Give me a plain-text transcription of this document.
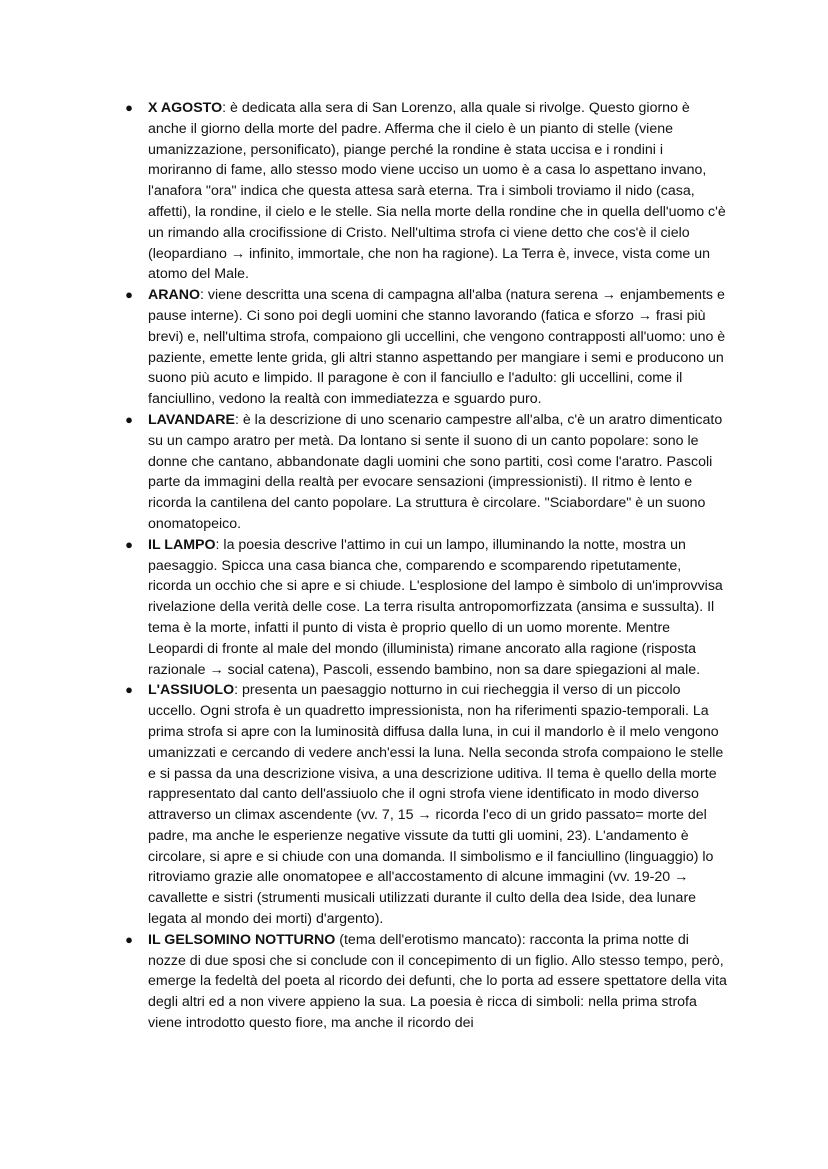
● X AGOSTO: è dedicata alla sera di San Lorenzo, alla quale si rivolge. Questo giorno è anche il giorno della morte del padre. Afferma che il cielo è un pianto di stelle (viene umanizzazione, personificato), piange perché la rondine è stata uccisa e i rondini i moriranno di fame, allo stesso modo viene ucciso un uomo è a casa lo aspettano invano, l'anafora "ora" indica che questa attesa sarà eterna. Tra i simboli troviamo il nido (casa, affetti), la rondine, il cielo e le stelle. Sia nella morte della rondine che in quella dell'uomo c'è un rimando alla crocifissione di Cristo. Nell'ultima strofa ci viene detto che cos'è il cielo (leopardiano → infinito, immortale, che non ha ragione). La Terra è, invece, vista come un atomo del Male.
● ARANO: viene descritta una scena di campagna all'alba (natura serena → enjambements e pause interne). Ci sono poi degli uomini che stanno lavorando (fatica e sforzo → frasi più brevi) e, nell'ultima strofa, compaiono gli uccellini, che vengono contrapposti all'uomo: uno è paziente, emette lente grida, gli altri stanno aspettando per mangiare i semi e producono un suono più acuto e limpido. Il paragone è con il fanciullo e l'adulto: gli uccellini, come il fanciullino, vedono la realtà con immediatezza e sguardo puro.
● LAVANDARE: è la descrizione di uno scenario campestre all'alba, c'è un aratro dimenticato su un campo aratro per metà. Da lontano si sente il suono di un canto popolare: sono le donne che cantano, abbandonate dagli uomini che sono partiti, così come l'aratro. Pascoli parte da immagini della realtà per evocare sensazioni (impressionisti). Il ritmo è lento e ricorda la cantilena del canto popolare. La struttura è circolare. "Sciabordare" è un suono onomatopeico.
● IL LAMPO: la poesia descrive l'attimo in cui un lampo, illuminando la notte, mostra un paesaggio. Spicca una casa bianca che, comparendo e scomparendo ripetutamente, ricorda un occhio che si apre e si chiude. L'esplosione del lampo è simbolo di un'improvvisa rivelazione della verità delle cose. La terra risulta antropomorfizzata (ansima e sussulta). Il tema è la morte, infatti il punto di vista è proprio quello di un uomo morente. Mentre Leopardi di fronte al male del mondo (illuminista) rimane ancorato alla ragione (risposta razionale → social catena), Pascoli, essendo bambino, non sa dare spiegazioni al male.
● L'ASSIUOLO: presenta un paesaggio notturno in cui riecheggia il verso di un piccolo uccello. Ogni strofa è un quadretto impressionista, non ha riferimenti spazio-temporali. La prima strofa si apre con la luminosità diffusa dalla luna, in cui il mandorlo è il melo vengono umanizzati e cercando di vedere anch'essi la luna. Nella seconda strofa compaiono le stelle e si passa da una descrizione visiva, a una descrizione uditiva. Il tema è quello della morte rappresentato dal canto dell'assiuolo che il ogni strofa viene identificato in modo diverso attraverso un climax ascendente (vv. 7, 15 → ricorda l'eco di un grido passato= morte del padre, ma anche le esperienze negative vissute da tutti gli uomini, 23). L'andamento è circolare, si apre e si chiude con una domanda. Il simbolismo e il fanciullino (linguaggio) lo ritroviamo grazie alle onomatopee e all'accostamento di alcune immagini (vv. 19-20 → cavallette e sistri (strumenti musicali utilizzati durante il culto della dea Iside, dea lunare legata al mondo dei morti) d'argento).
● IL GELSOMINO NOTTURNO (tema dell'erotismo mancato): racconta la prima notte di nozze di due sposi che si conclude con il concepimento di un figlio. Allo stesso tempo, però, emerge la fedeltà del poeta al ricordo dei defunti, che lo porta ad essere spettatore della vita degli altri ed a non vivere appieno la sua. La poesia è ricca di simboli: nella prima strofa viene introdotto questo fiore, ma anche il ricordo dei
